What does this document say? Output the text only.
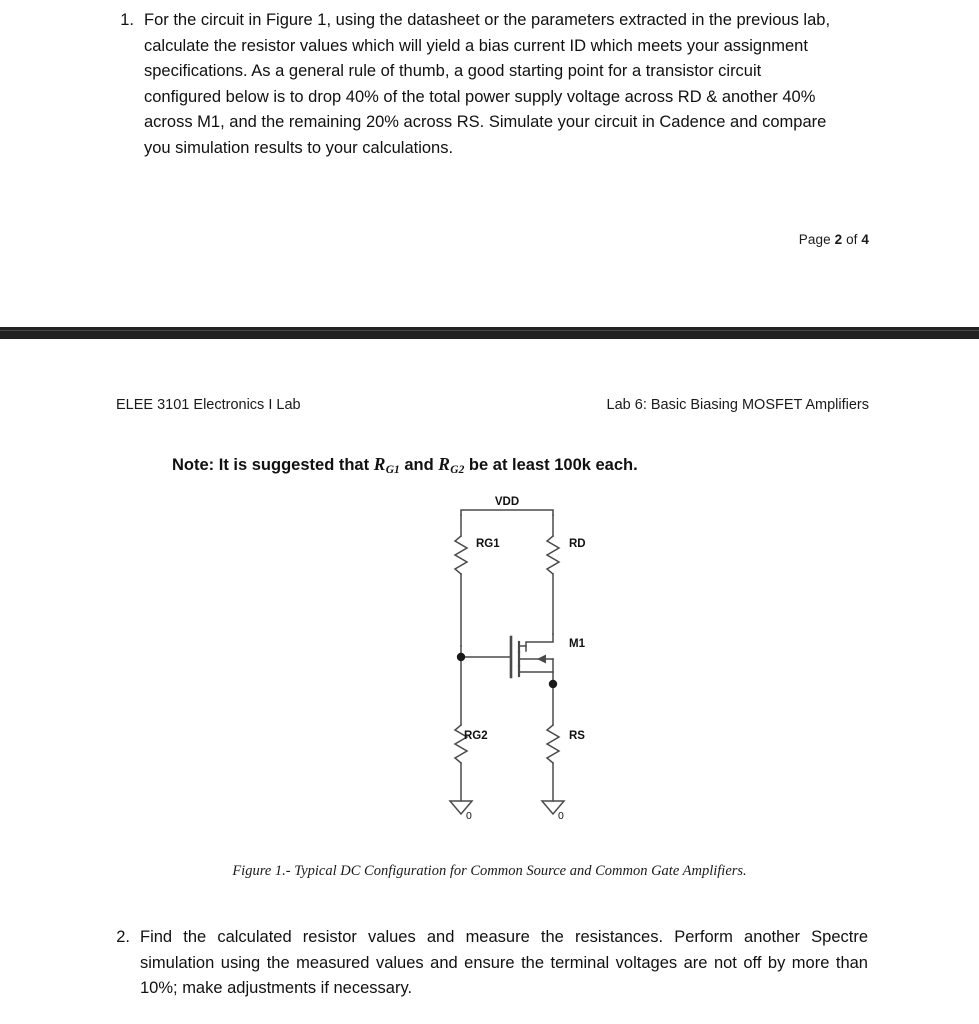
1. For the circuit in Figure 1, using the datasheet or the parameters extracted in the previous lab, calculate the resistor values which will yield a bias current ID which meets your assignment specifications. As a general rule of thumb, a good starting point for a transistor circuit configured below is to drop 40% of the total power supply voltage across RD & another 40% across M1, and the remaining 20% across RS. Simulate your circuit in Cadence and compare you simulation results to your calculations.
Page 2 of 4
ELEE 3101 Electronics I Lab	Lab 6: Basic Biasing MOSFET Amplifiers
Note: It is suggested that $R_{G1}$ and $R_{G2}$ be at least 100k each.
VDD
RG1	RD
M1
RG2	RS
0	0
Figure 1.- Typical DC Configuration for Common Source and Common Gate Amplifiers.
2. Find the calculated resistor values and measure the resistances. Perform another Spectre simulation using the measured values and ensure the terminal voltages are not off by more than 10%; make adjustments if necessary.
